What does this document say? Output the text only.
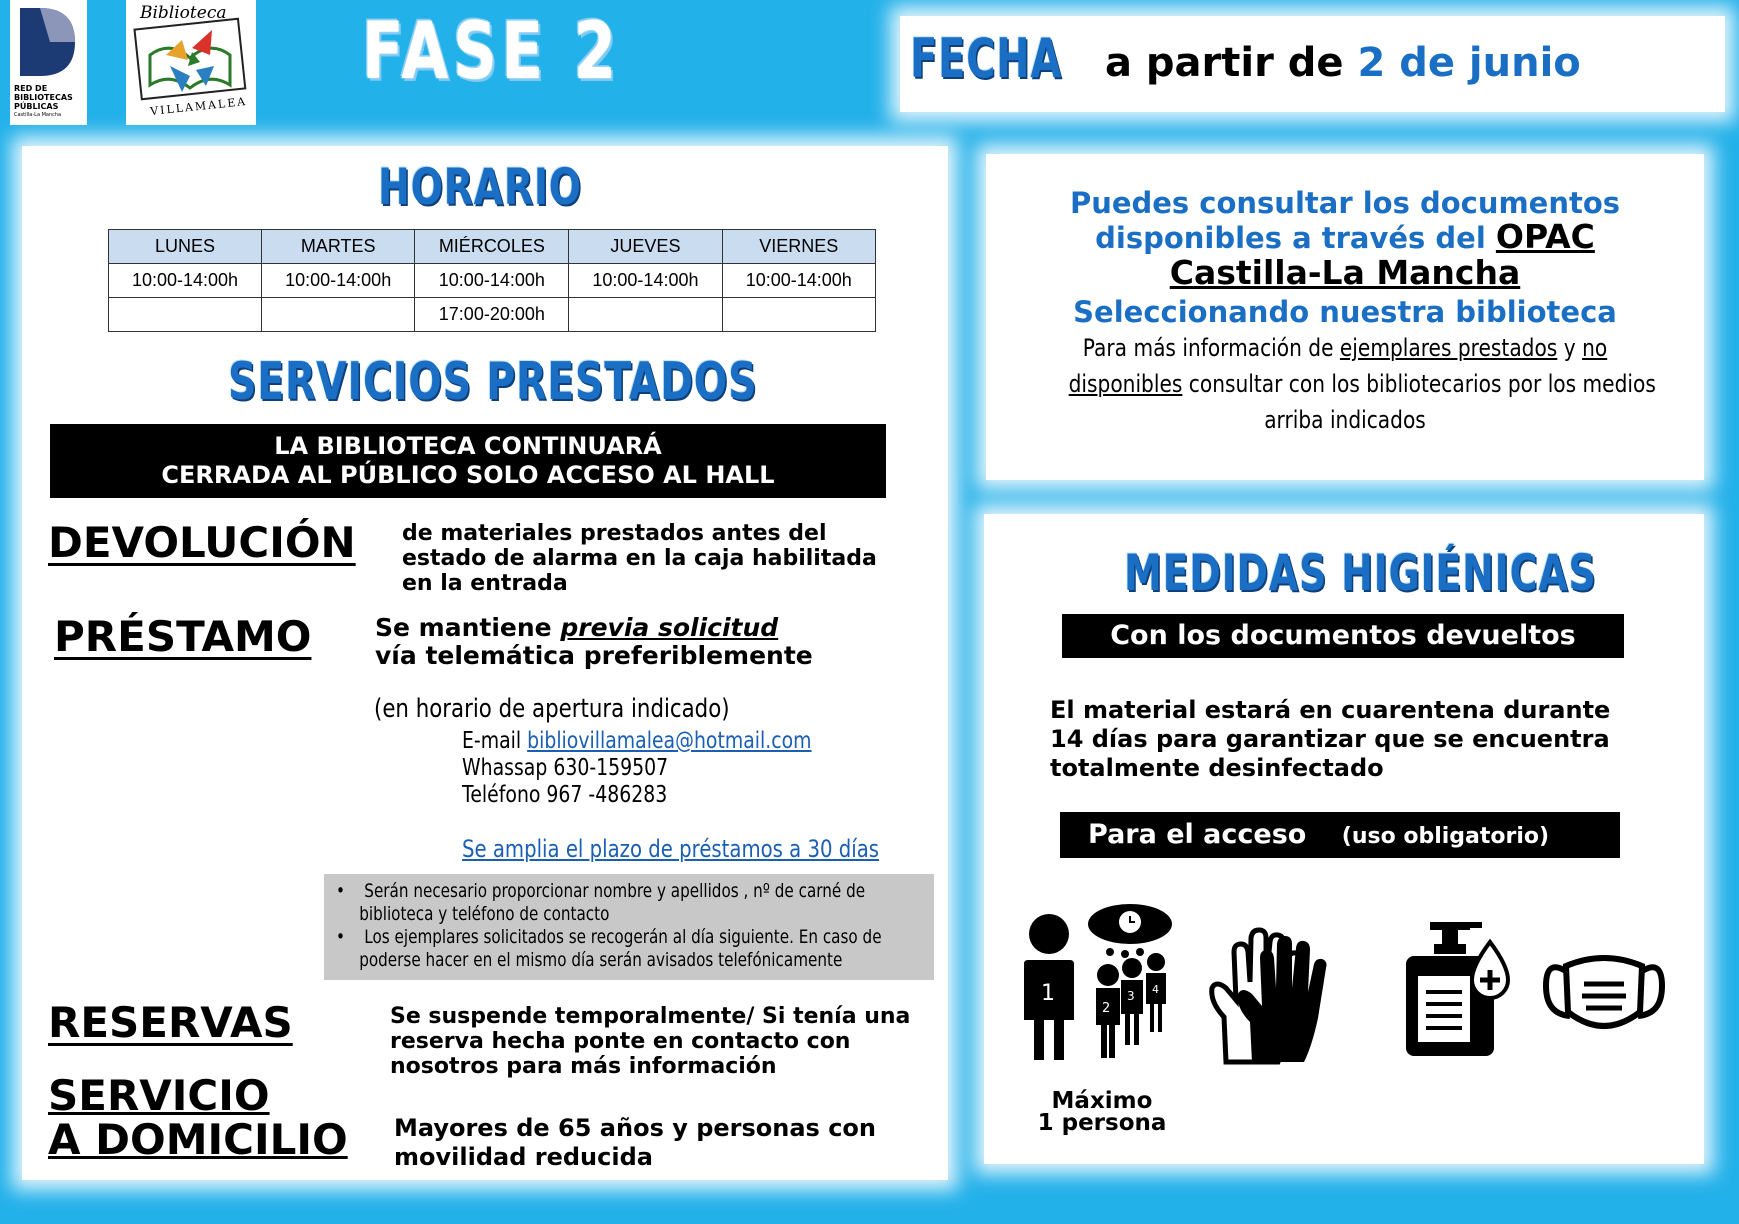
RED DE BIBLIOTECAS PÚBLICAS
Castilla-La Mancha
Biblioteca
VILLAMALEA
FASE 2	FECHA a partir de 2 de junio
HORARIO
LUNES	MARTES	MIÉRCOLES	JUEVES	VIERNES
10:00-14:00h	10:00-14:00h	10:00-14:00h	10:00-14:00h	10:00-14:00h
		17:00-20:00h		
SERVICIOS PRESTADOS
LA BIBLIOTECA CONTINUARÁ
CERRADA AL PÚBLICO SOLO ACCESO AL HALL
DEVOLUCIÓN de materiales prestados antes del
estado de alarma en la caja habilitada
en la entrada
PRÉSTAMO	Se mantiene previa solicitud
vía telemática preferiblemente
(en horario de apertura indicado)
E-mail bibliovillamalea@hotmail.com
Whassap 630-159507
Teléfono 967 -486283
Se amplia el plazo de préstamos a 30 días
•    Serán necesario proporcionar nombre y apellidos , nº de carné de
biblioteca y teléfono de contacto
•    Los ejemplares solicitados se recogerán al día siguiente. En caso de
poderse hacer en el mismo día serán avisados telefónicamente
RESERVAS	Se suspende temporalmente/ Si tenía una
reserva hecha ponte en contacto con
nosotros para más información
SERVICIO
A DOMICILIO Mayores de 65 años y personas con
movilidad reducida
Puedes consultar los documentos
disponibles a través del OPAC
Castilla-La Mancha
Seleccionando nuestra biblioteca
Para más información de ejemplares prestados y no
disponibles consultar con los bibliotecarios por los medios
arriba indicados
MEDIDAS HIGIÉNICAS
Con los documentos devueltos
El material estará en cuarentena durante
14 días para garantizar que se encuentra
totalmente desinfectado
Para el acceso (uso obligatorio)
1
2
3 4
Máximo
1 persona
